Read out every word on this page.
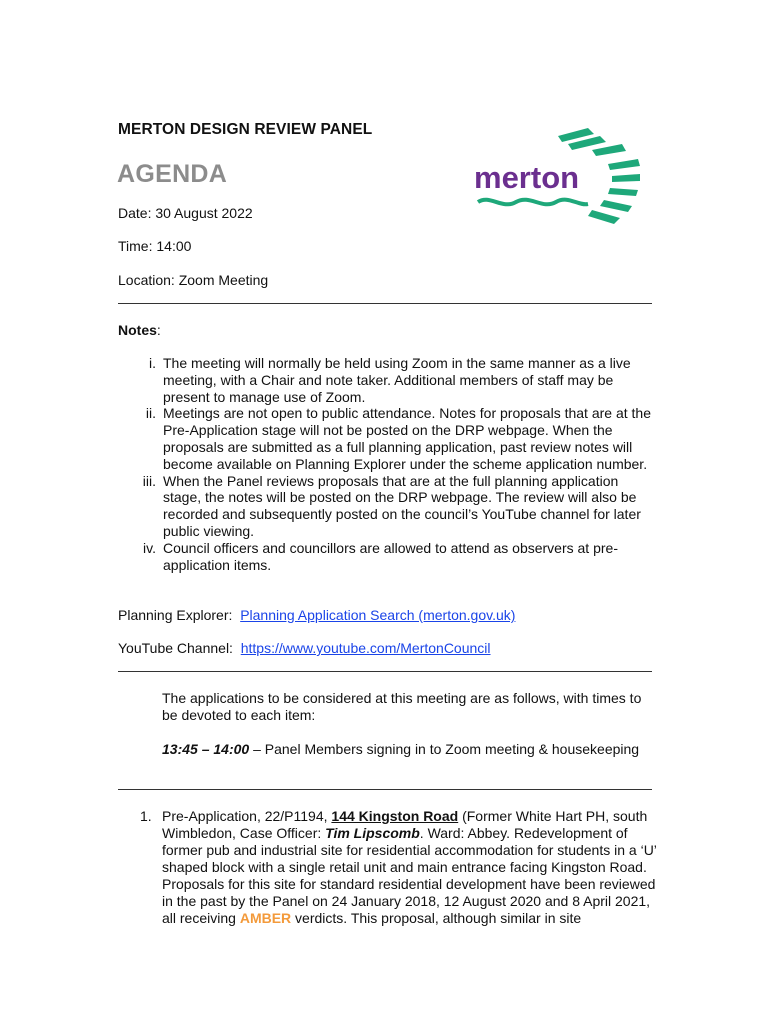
MERTON DESIGN REVIEW PANEL
AGENDA	merton
Date: 30 August 2022
Time: 14:00
Location: Zoom Meeting
Notes:
i. The meeting will normally be held using Zoom in the same manner as a live meeting, with a Chair and note taker. Additional members of staff may be present to manage use of Zoom.
ii. Meetings are not open to public attendance. Notes for proposals that are at the Pre-Application stage will not be posted on the DRP webpage. When the proposals are submitted as a full planning application, past review notes will become available on Planning Explorer under the scheme application number.
iii. When the Panel reviews proposals that are at the full planning application stage, the notes will be posted on the DRP webpage. The review will also be recorded and subsequently posted on the council’s YouTube channel for later public viewing.
iv. Council officers and councillors are allowed to attend as observers at pre-application items.
Planning Explorer:  Planning Application Search (merton.gov.uk)
YouTube Channel:  https://www.youtube.com/MertonCouncil
The applications to be considered at this meeting are as follows, with times to be devoted to each item:
13:45 – 14:00 – Panel Members signing in to Zoom meeting & housekeeping
1. Pre-Application, 22/P1194, 144 Kingston Road (Former White Hart PH, south Wimbledon, Case Officer: Tim Lipscomb. Ward: Abbey. Redevelopment of former pub and industrial site for residential accommodation for students in a ‘U’ shaped block with a single retail unit and main entrance facing Kingston Road. Proposals for this site for standard residential development have been reviewed in the past by the Panel on 24 January 2018, 12 August 2020 and 8 April 2021, all receiving AMBER verdicts. This proposal, although similar in site
